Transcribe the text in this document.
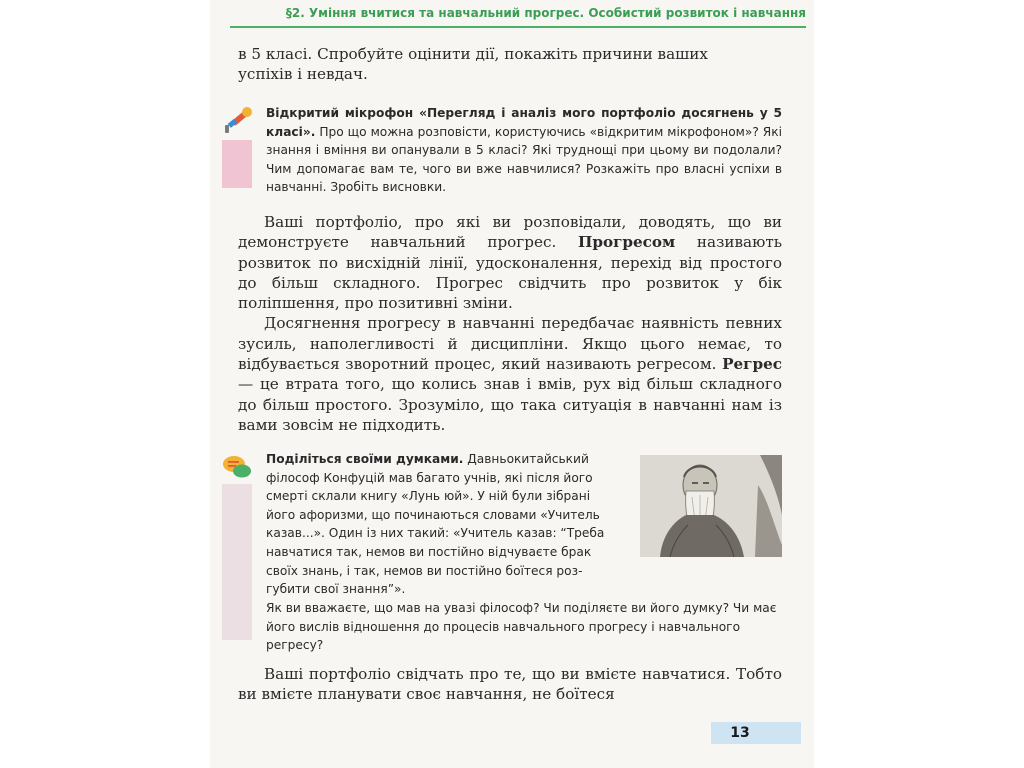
§2. Уміння вчитися та навчальний прогрес. Особистий розвиток і навчання

в 5 класі. Спробуйте оцінити дії, покажіть причини ваших

успіхів і невдач.

Відкритий мікрофон «Перегляд і аналіз мого портфоліо досягнень у 5 класі». Про що можна розповісти, користуючись «відкритим мікрофоном»? Які знання і вміння ви опанували в 5 класі? Які труднощі при цьому ви подолали? Чим допомагає вам те, чого ви вже навчилися? Розкажіть про власні успіхи в навчанні. Зробіть висновки.

Ваші портфоліо, про які ви розповідали, доводять, що ви демонструєте навчальний прогрес. Прогресом називають розвиток по висхідній лінії, удосконалення, перехід від простого до більш складного. Прогрес свідчить про розвиток у бік поліпшення, про позитивні зміни.

Досягнення прогресу в навчанні передбачає наявність певних зусиль, наполегливості й дисципліни. Якщо цього немає, то відбувається зворотний процес, який називають регресом. Регрес — це втрата того, що колись знав і вмів, рух від більш складного до більш простого. Зрозуміло, що така ситуація в навчанні нам із вами зовсім не підходить.

Поділіться своїми думками. Давньокитайський

філософ Конфуцій мав багато учнів, які після його

смерті склали книгу «Лунь юй». У ній були зібрані

його афоризми, що починаються словами «Учитель

казав...». Один із них такий: «Учитель казав: “Треба

навчатися так, немов ви постійно відчуваєте брак

своїх знань, і так, немов ви постійно боїтеся роз-

губити свої знання”».

Як ви вважаєте, що мав на увазі філософ? Чи поділяєте ви його думку? Чи має його вислів відношення до процесів навчального прогресу і навчального регресу?

Ваші портфоліо свідчать про те, що ви вмієте навчатися. Тобто ви вмієте планувати своє навчання, не боїтеся

13
